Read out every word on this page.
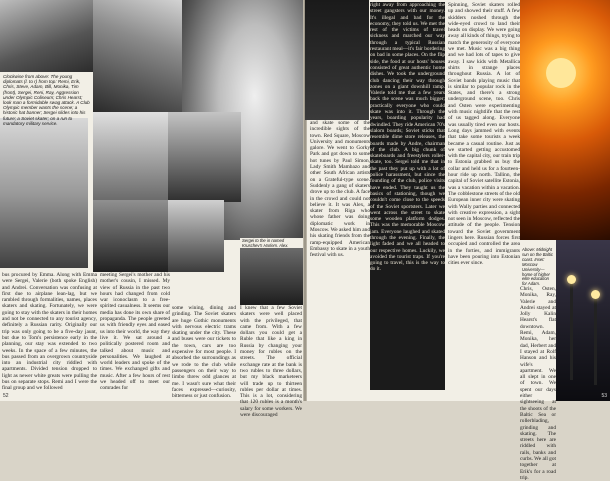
Clockwise from above: The young diplomats (l. to r) from top: Remi, Erik, Chris, Steve, Adam, Bill, Monika, Tim (front), Sergei, Reni, Ray, Aggression under Olympic Coliseum; Chris Hearst; look man a formidable swag attack. A Club Olympic member wants the scene; a historic hat banner; Sergei slides into his future; a Soviet skater; on a run to mandatory military service.

Sergei to the in named Kruschev's Harlem. Alex.

bus procured by Emma. Along with Emma were Sergei, Valerie (both spoke English) and Andrei. Conversation was confusing at first due to airplane lean-lag, but we rambled through formalities, names, places skaters and skating. Fortunately, we were going to stay with the skaters in their homes and not be connected to any tourist agency, definitely a Russian rarity. Originally our trip was only going to be a five-day jaunt, but due to Tom's persistence early in the planning, our stay was extended to two weeks. In the space of a few minutes, the bus passed from an overgrown countryside into an industrial city riddled with apartments. Divided tension dropped to light as newer white greats were pulling the bus on separate stops. Remi and I were the final group and we followed

meeting Sergei's mother and his mother's cousin, I missed. My view of Russia in the past two hours had changed from cold war iconoclasm to a free-spirited casualness. It seems our media has done its own share of propaganda. The people greeted us with friendly eyes and eased us into their world, the way they live it. We sat around a politically postered room and talked about music and personalities. We laughed at world leaders and spoke of the times. We exchanged gifts and music. After a few hours of rest we headed off to meet our comrades for

some wining, dining and grinding. The Soviet skaters are huge Gothic monuments with nervous electric trams skating under the city. These and buses were our tickets to the town, cars are too expensive for most people. I absorbed the surroundings as we rode to the club while passengers on their way to limbo threw odd glances at me. I wasn't sure what their faces expressed—curiosity, bitterness or just confusion.

I knew that a few Soviet skaters were well placed with the privileged, that came from. With a few dollars you could get a Ruble that like a king in Russia by changing your money for rubles on the streets. The official exchange rate at the bank is two rubles to three dollars, but my black marketeers will trade up to thirteen rubles per dollar at times. This is a lot, considering that 120 rubles is a month's salary for some workers. We were discouraged

and skate some of the incredible sights of the town. Red Square, Moscow University and monuments galore. We went to Gorky Park and got down to some hot tunes by Paul Simon, Lady Smith Mambazo and other South African artists on a Grateful-type scene. Suddenly a gang of skaters drove up to the club. A face in the crowd and could not believe it. It was Alex, a skater from Riga who whose father was doing diplomatic work in Moscow. We asked him and his skating friends from the ramp-equipped American Embassy to skate in a youth festival with us.

right away from approaching the street gangsters with our money. It's illegal and bad for the economy, they told us. We met the rest of the victims of travel sickness and marched our way through a typical Russian restaurant meal—it's fair bordering on bad in some places. On the flip side, the food at our hosts' houses consisted of great authentic home dishes. We took the underground club dancing their way through zones on a giant downhill ramp. Valerie told me that a few years back the scene was much bigger; practically everyone who could skate was into it. Through the years, boarding popularity had dwindled. They ride American 70's slalom boards; Soviet sticks that resemble dime store releases, the boards made by Andre, chairman of the club. A big chunk of skateboards and freestylers roller-skate, too. Sergei told me that in the past they put up with a lot of police harassment, but since the founding of the club, police visits have ended. They taught us the basics of stationing, though we couldn't come close to the speeds of the Soviet sportsters. Later we went across the street to skate some wooden platform dodges. This was the memorable Moscow jam. Everyone laughed and skated through the evening. Finally, the light faded and we all headed to our respective homes. Luckily, we avoided the tourist traps. If you're going to travel, this is the way to do it.

Spinning, Soviet skaters rolled up and showed their stuff. A few skidders noshed through the wide-eyed crowd to land their heads on display. We were going away all kinds of things, trying to match the generosity of everyone we met. Music was a big thing and we had lots of tapes to give away. I saw kids with Metallica shirts in strange places throughout Russia. A lot of Soviet bands playing music that is similar to popular rock in the States, and there's a strong underground scene, too. Chris and Osten were experimenting with music nightlife that the rest of us tagged along. Everyone was usually tired even our hosts. Long days jammed with events that take some tourists a week became a casual routine. Just as we started getting accustomed with the capital city, our train trip to Estonia grabbed us buy the collar and held us for a fourteen-hour ride up north. Tallinn, the capital of Soviet satellite Estonia, was a vacation within a vacation. The cobblestone streets of the old European inner city were skating with Wally parties and connected with creative expression, a sight not seen in Moscow, reflected the attitude of the people. Tension toward the Soviet government lingers here. Russian forces first occupied and controlled the area in the forties, and immigrants have been pouring into Estonian cities ever since.

Above: Midnight sun on the Baltic coast. Inset: Moscow University—home of higher elite education for Adam.

Chris, Osten, Monika, Ray, Valerie and Andrei stayed at Jolly Kalin Hearst's flat downtown. Remi, Adam, Monika, her dad, Herbert and I stayed at Rolf Hanson and his wife's apartment. We all slept in one of town. We spent our days either sightseeing at the shoots of the Baltic Sea or rollerblading, grinding and skating. The streets here are riddled with rails, banks and curbs. We all got together at Erik's for a road trip.

52	53
